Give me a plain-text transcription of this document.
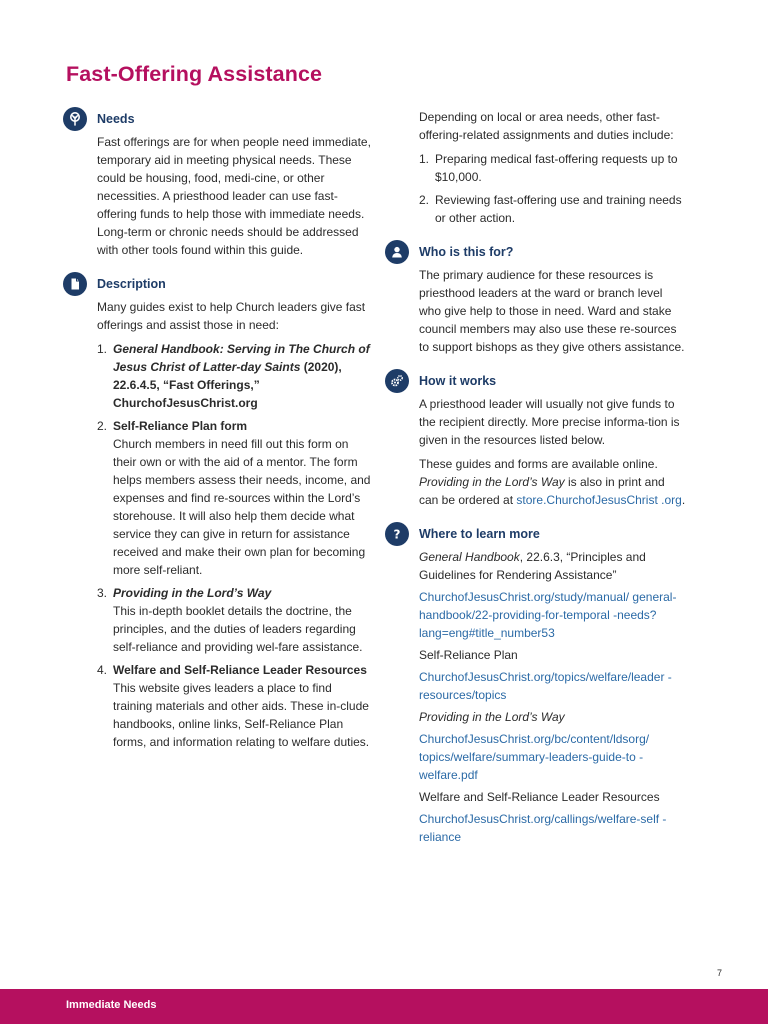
Fast-Offering Assistance
Needs

Fast offerings are for when people need immediate, temporary aid in meeting physical needs. These could be housing, food, medi-cine, or other necessities. A priesthood leader can use fast-offering funds to help those with immediate needs. Long-term or chronic needs should be addressed with other tools found within this guide.

Description

Many guides exist to help Church leaders give fast offerings and assist those in need:

1. General Handbook: Serving in The Church of Jesus Christ of Latter-day Saints (2020), 22.6.4.5, “Fast Offerings,” ChurchofJesusChrist.org
2. Self-Reliance Plan form
Church members in need fill out this form on their own or with the aid of a mentor. The form helps members assess their needs, income, and expenses and find re-sources within the Lord’s storehouse. It will also help them decide what service they can give in return for assistance received and make their own plan for becoming more self-reliant.
3. Providing in the Lord’s Way
This in-depth booklet details the doctrine, the principles, and the duties of leaders regarding self-reliance and providing wel-fare assistance.
4. Welfare and Self-Reliance Leader Resources
This website gives leaders a place to find training materials and other aids. These in-clude handbooks, online links, Self-Reliance Plan forms, and information relating to welfare duties.

Depending on local or area needs, other fast-offering-related assignments and duties include:

1. Preparing medical fast-offering requests up to $10,000.
2. Reviewing fast-offering use and training needs or other action.
Who is this for?

The primary audience for these resources is priesthood leaders at the ward or branch level who give help to those in need. Ward and stake council members may also use these re-sources to support bishops as they give others assistance.

How it works

A priesthood leader will usually not give funds to the recipient directly. More precise informa-tion is given in the resources listed below.

These guides and forms are available online. Providing in the Lord’s Way is also in print and can be ordered at store.ChurchofJesusChrist .org.

? Where to learn more

General Handbook, 22.6.3, “Principles and Guidelines for Rendering Assistance”

ChurchofJesusChrist.org/study/manual/ general-handbook/22-providing-for-temporal -needs?lang=eng#title_number53

Self-Reliance Plan

ChurchofJesusChrist.org/topics/welfare/leader -resources/topics

Providing in the Lord’s Way

ChurchofJesusChrist.org/bc/content/ldsorg/ topics/welfare/summary-leaders-guide-to -welfare.pdf

Welfare and Self-Reliance Leader Resources

ChurchofJesusChrist.org/callings/welfare-self -reliance

7
Immediate Needs
